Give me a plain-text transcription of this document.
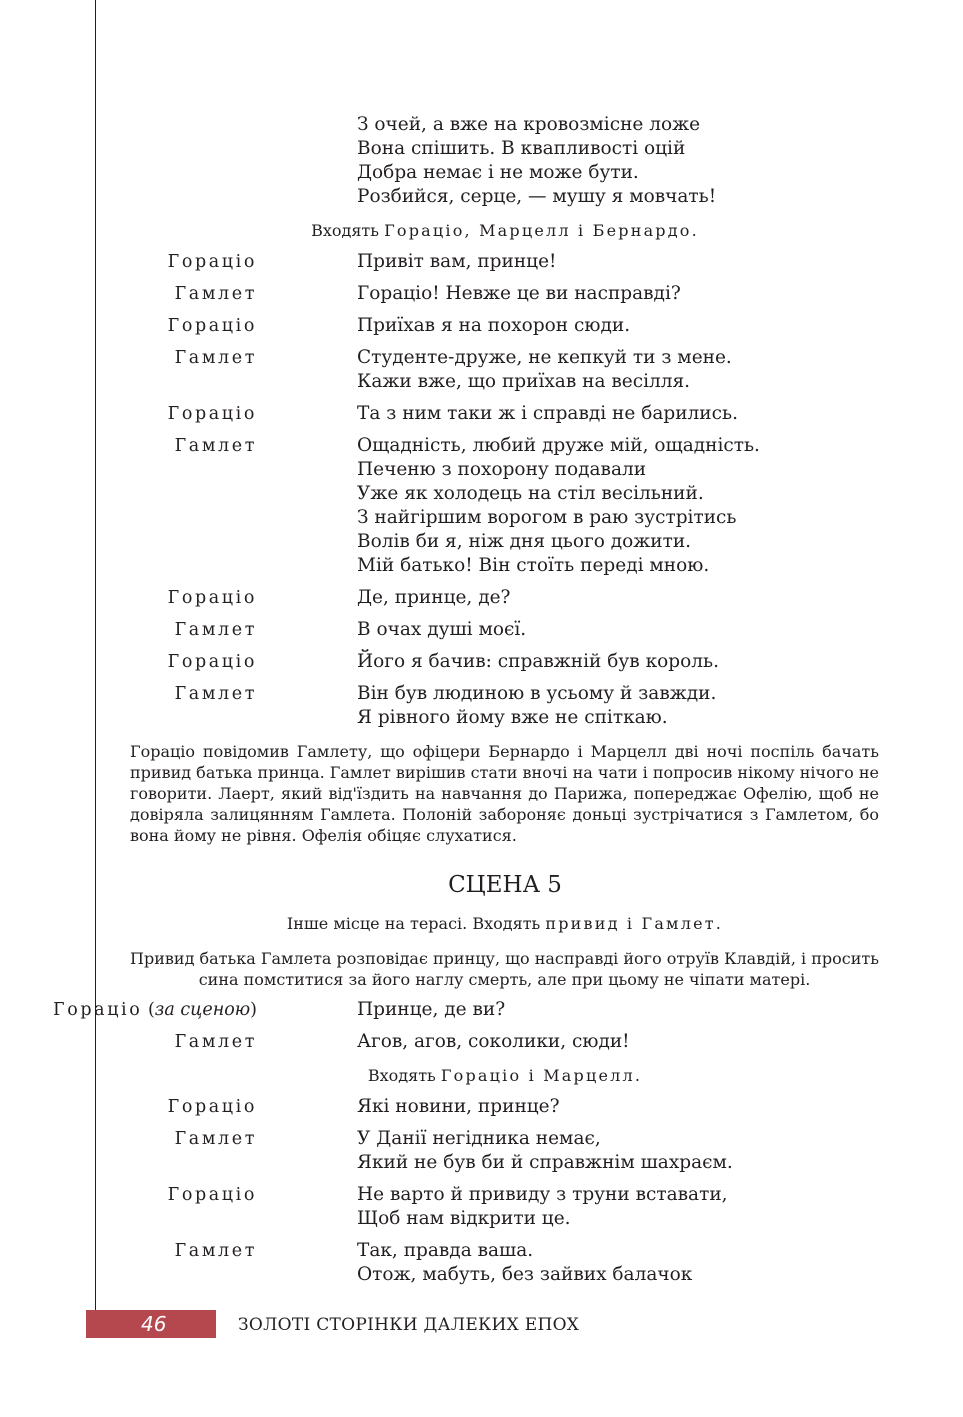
З очей, а вже на кровозмісне ложе
Вона спішить. В квапливості оцій
Добра немає і не може бути.
Розбийся, серце, — мушу я мовчать!
Входять Горацiо, Марцелл i Бернардо.
Горацiо	Привiт вам, принце!
Гамлет	Горацiо! Невже це ви насправдi?
Горацiо	Приїхав я на похорон сюди.
Гамлет	Студенте-друже, не кепкуй ти з мене.
Кажи вже, що приїхав на весiлля.
Горацiо	Та з ним таки ж i справдi не барились.
Гамлет	Ощаднiсть, любий друже мiй, ощаднiсть.
Печеню з похорону подавали
Уже як холодець на стiл весiльний.
З найгiршим ворогом в раю зустрiтись
Волiв би я, нiж дня цього дожити.
Мiй батько! Вiн стоїть передi мною.
Горацiо	Де, принце, де?
Гамлет	В очах душi моєї.
Горацiо	Його я бачив: справжнiй був король.
Гамлет	Вiн був людиною в усьому й завжди.
Я рiвного йому вже не спiткаю.
Горацiо повiдомив Гамлету, що офiцери Бернардо i Марцелл двi ночi поспiль бачать привид батька принца. Гамлет вирiшив стати вночi на чати i попросив нiкому нiчого не говорити. Лаерт, який вiд'їздить на навчання до Парижа, попереджає Офелiю, щоб не довiряла залицянням Гамлета. Полонiй забороняє доньцi зустрiчатися з Гамлетом, бо вона йому не рiвня. Офелiя обiцяє слухатися.
СЦЕНА 5
Iнше мiсце на терасi. Входять привид i Гамлет.
Привид батька Гамлета розповiдає принцу, що насправдi його отруїв Клавдiй, i просить сина помститися за його наглу смерть, але при цьому не чiпати матерi.
Горацiо (за сценою)	Принце, де ви?
Гамлет	Агов, агов, соколики, сюди!
Входять Горацiо i Марцелл.
Горацiо	Якi новини, принце?
Гамлет	У Данiї негiдника немає,
Який не був би й справжнiм шахраєм.
Горацiо	Не варто й привиду з труни вставати,
Щоб нам вiдкрити це.
Гамлет	Так, правда ваша.
Отож, мабуть, без зайвих балачок
46	ЗОЛОТI СТОРIНКИ ДАЛЕКИХ ЕПОХ
